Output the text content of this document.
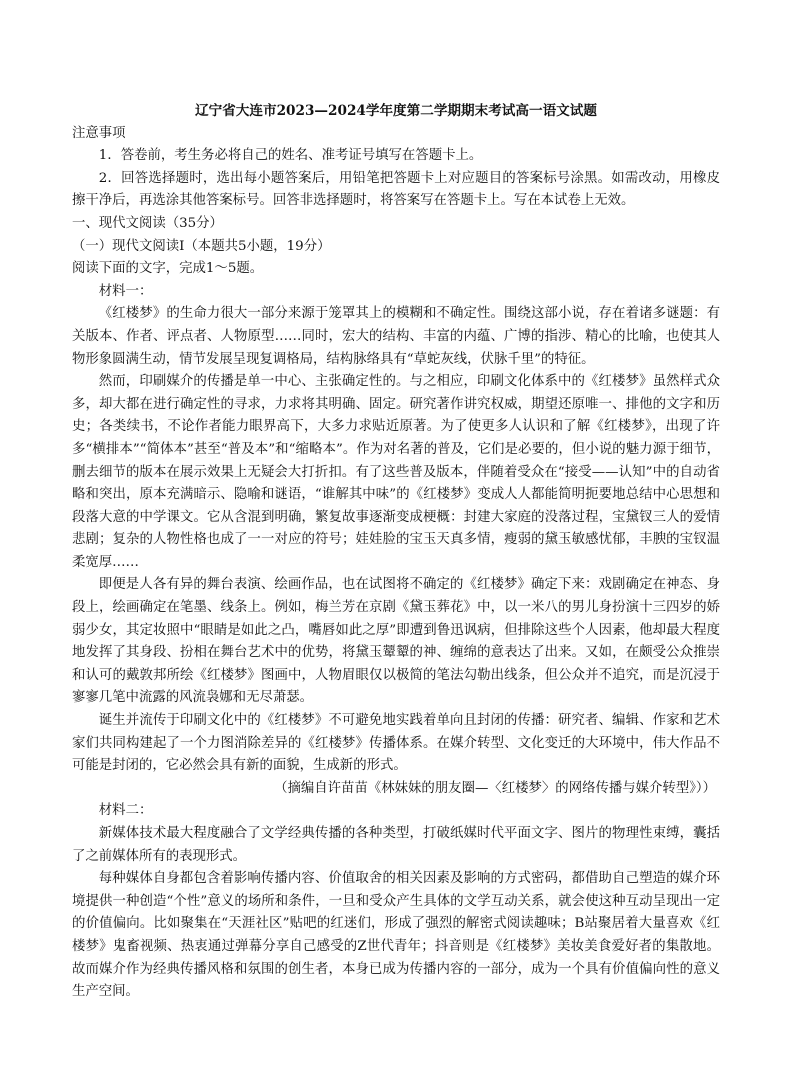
辽宁省大连市2023—2024学年度第二学期期末考试高一语文试题

注意事项

1．答卷前，考生务必将自己的姓名、准考证号填写在答题卡上。

2．回答选择题时，选出每小题答案后，用铅笔把答题卡上对应题目的答案标号涂黑。如需改动，用橡皮擦干净后，再选涂其他答案标号。回答非选择题时，将答案写在答题卡上。写在本试卷上无效。

一、现代文阅读（35分）

（一）现代文阅读Ⅰ（本题共5小题，19分）

阅读下面的文字，完成1～5题。

材料一：

《红楼梦》的生命力很大一部分来源于笼罩其上的模糊和不确定性。围绕这部小说，存在着诸多谜题：有关版本、作者、评点者、人物原型……同时，宏大的结构、丰富的内蕴、广博的指涉、精心的比喻，也使其人物形象圆满生动，情节发展呈现复调格局，结构脉络具有“草蛇灰线，伏脉千里”的特征。

然而，印刷媒介的传播是单一中心、主张确定性的。与之相应，印刷文化体系中的《红楼梦》虽然样式众多，却大都在进行确定性的寻求，力求将其明确、固定。研究著作讲究权威，期望还原唯一、排他的文字和历史；各类续书，不论作者能力眼界高下，大多力求贴近原著。为了使更多人认识和了解《红楼梦》，出现了许多“横排本”“简体本”甚至“普及本”和“缩略本”。作为对名著的普及，它们是必要的，但小说的魅力源于细节，删去细节的版本在展示效果上无疑会大打折扣。有了这些普及版本，伴随着受众在“接受——认知”中的自动省略和突出，原本充满暗示、隐喻和谜语，“谁解其中味”的《红楼梦》变成人人都能简明扼要地总结中心思想和段落大意的中学课文。它从含混到明确，繁复故事逐渐变成梗概：封建大家庭的没落过程，宝黛钗三人的爱情悲剧；复杂的人物性格也成了一一对应的符号；娃娃脸的宝玉天真多情，瘦弱的黛玉敏感忧郁，丰腴的宝钗温柔宽厚……

即便是人各有异的舞台表演、绘画作品，也在试图将不确定的《红楼梦》确定下来：戏剧确定在神态、身段上，绘画确定在笔墨、线条上。例如，梅兰芳在京剧《黛玉葬花》中，以一米八的男儿身扮演十三四岁的娇弱少女，其定妆照中“眼睛是如此之凸，嘴唇如此之厚”即遭到鲁迅讽病，但排除这些个人因素，他却最大程度地发挥了其身段、扮相在舞台艺术中的优势，将黛玉颦颦的神、缠绵的意表达了出来。又如，在颇受公众推崇和认可的戴敦邦所绘《红楼梦》图画中，人物眉眼仅以极简的笔法勾勒出线条，但公众并不追究，而是沉浸于寥寥几笔中流露的风流袅娜和无尽萧瑟。

诞生并流传于印刷文化中的《红楼梦》不可避免地实践着单向且封闭的传播：研究者、编辑、作家和艺术家们共同构建起了一个力图消除差异的《红楼梦》传播体系。在媒介转型、文化变迁的大环境中，伟大作品不可能是封闭的，它必然会具有新的面貌，生成新的形式。

（摘编自许苗苗《林妹妹的朋友圈—〈红楼梦〉的网络传播与媒介转型》））

材料二：

新媒体技术最大程度融合了文学经典传播的各种类型，打破纸媒时代平面文字、图片的物理性束缚，囊括了之前媒体所有的表现形式。

每种媒体自身都包含着影响传播内容、价值取舍的相关因素及影响的方式密码，都借助自己塑造的媒介环境提供一种创造“个性”意义的场所和条件，一旦和受众产生具体的文学互动关系，就会使这种互动呈现出一定的价值偏向。比如聚集在“天涯社区”贴吧的红迷们，形成了强烈的解密式阅读趣味；B站聚居着大量喜欢《红楼梦》鬼畜视频、热衷通过弹幕分享自己感受的Z世代青年；抖音则是《红楼梦》美妆美食爱好者的集散地。故而媒介作为经典传播风格和氛围的创生者，本身已成为传播内容的一部分，成为一个具有价值偏向性的意义生产空间。
